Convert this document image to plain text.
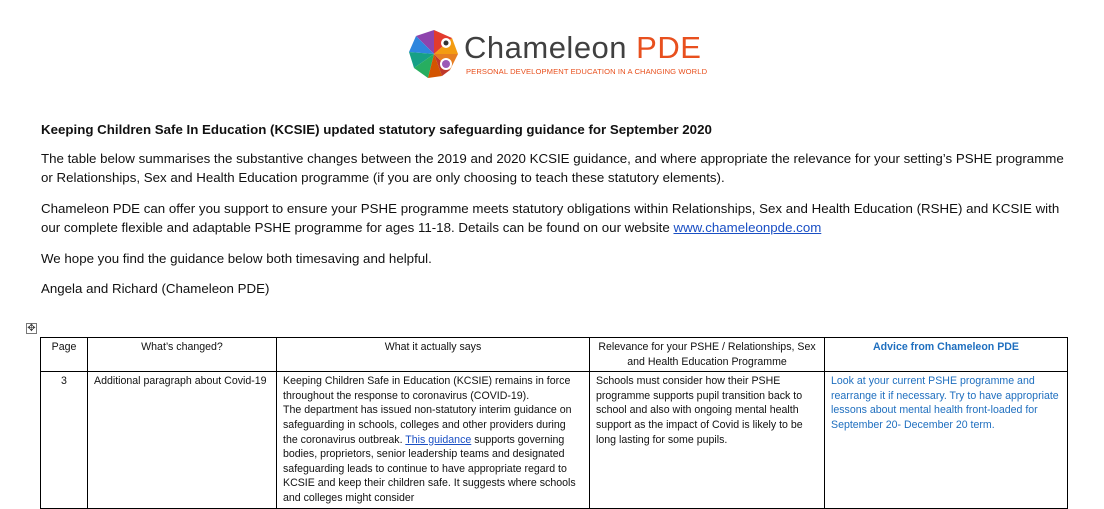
Chameleon PDE
PERSONAL DEVELOPMENT EDUCATION IN A CHANGING WORLD

Keeping Children Safe In Education (KCSIE) updated statutory safeguarding guidance for September 2020

The table below summarises the substantive changes between the 2019 and 2020 KCSIE guidance, and where appropriate the relevance for your setting’s PSHE programme or Relationships, Sex and Health Education programme (if you are only choosing to teach these statutory elements).

Chameleon PDE can offer you support to ensure your PSHE programme meets statutory obligations within Relationships, Sex and Health Education (RSHE) and KCSIE with our complete flexible and adaptable PSHE programme for ages 11-18. Details can be found on our website www.chameleonpde.com

We hope you find the guidance below both timesaving and helpful.

Angela and Richard (Chameleon PDE)

✥
Page	What’s changed?	What it actually says	Relevance for your PSHE / Relationships, Sex and Health Education Programme	Advice from Chameleon PDE
3	Additional paragraph about Covid-19	Keeping Children Safe in Education (KCSIE) remains in force throughout the response to coronavirus (COVID-19).
The department has issued non-statutory interim guidance on safeguarding in schools, colleges and other providers during the coronavirus outbreak. This guidance supports governing bodies, proprietors, senior leadership teams and designated safeguarding leads to continue to have appropriate regard to KCSIE and keep their children safe. It suggests where schools and colleges might consider	Schools must consider how their PSHE programme supports pupil transition back to school and also with ongoing mental health support as the impact of Covid is likely to be long lasting for some pupils.	Look at your current PSHE programme and rearrange it if necessary. Try to have appropriate lessons about mental health front-loaded for September 20- December 20 term.
